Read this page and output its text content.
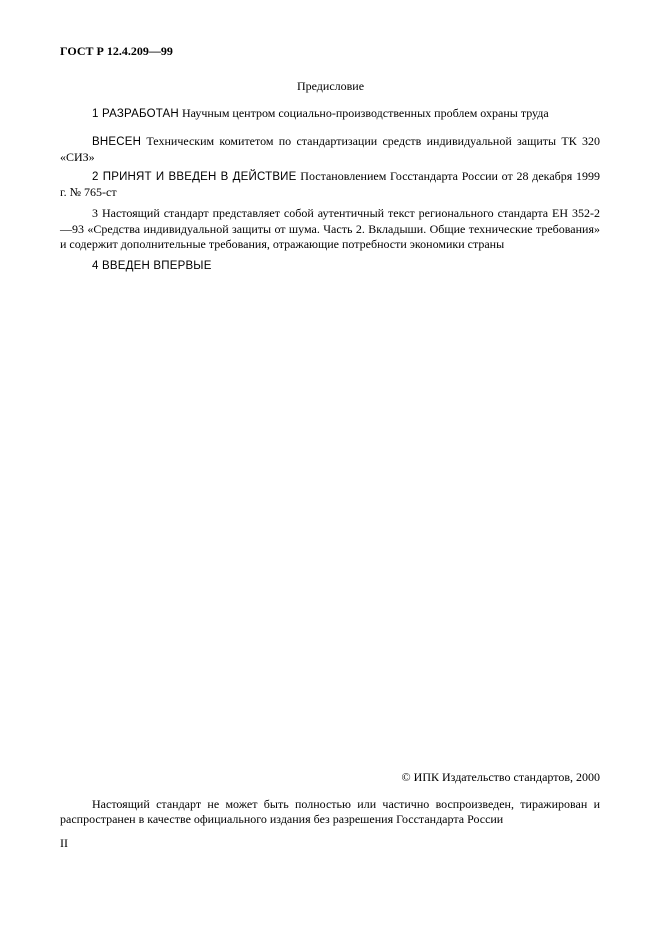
ГОСТ Р 12.4.209—99
Предисловие

1 РАЗРАБОТАН Научным центром социально-производственных проблем охраны труда

ВНЕСЕН Техническим комитетом по стандартизации средств индивидуальной защиты ТК 320 «СИЗ»

2 ПРИНЯТ И ВВЕДЕН В ДЕЙСТВИЕ Постановлением Госстандарта России от 28 декабря 1999 г. № 765-ст

3 Настоящий стандарт представляет собой аутентичный текст регионального стандарта ЕН 352-2—93 «Средства индивидуальной защиты от шума. Часть 2. Вкладыши. Общие технические требования» и содержит дополнительные требования, отражающие потребности экономики страны

4 ВВЕДЕН ВПЕРВЫЕ

© ИПК Издательство стандартов, 2000

Настоящий стандарт не может быть полностью или частично воспроизведен, тиражирован и распространен в качестве официального издания без разрешения Госстандарта России

II
